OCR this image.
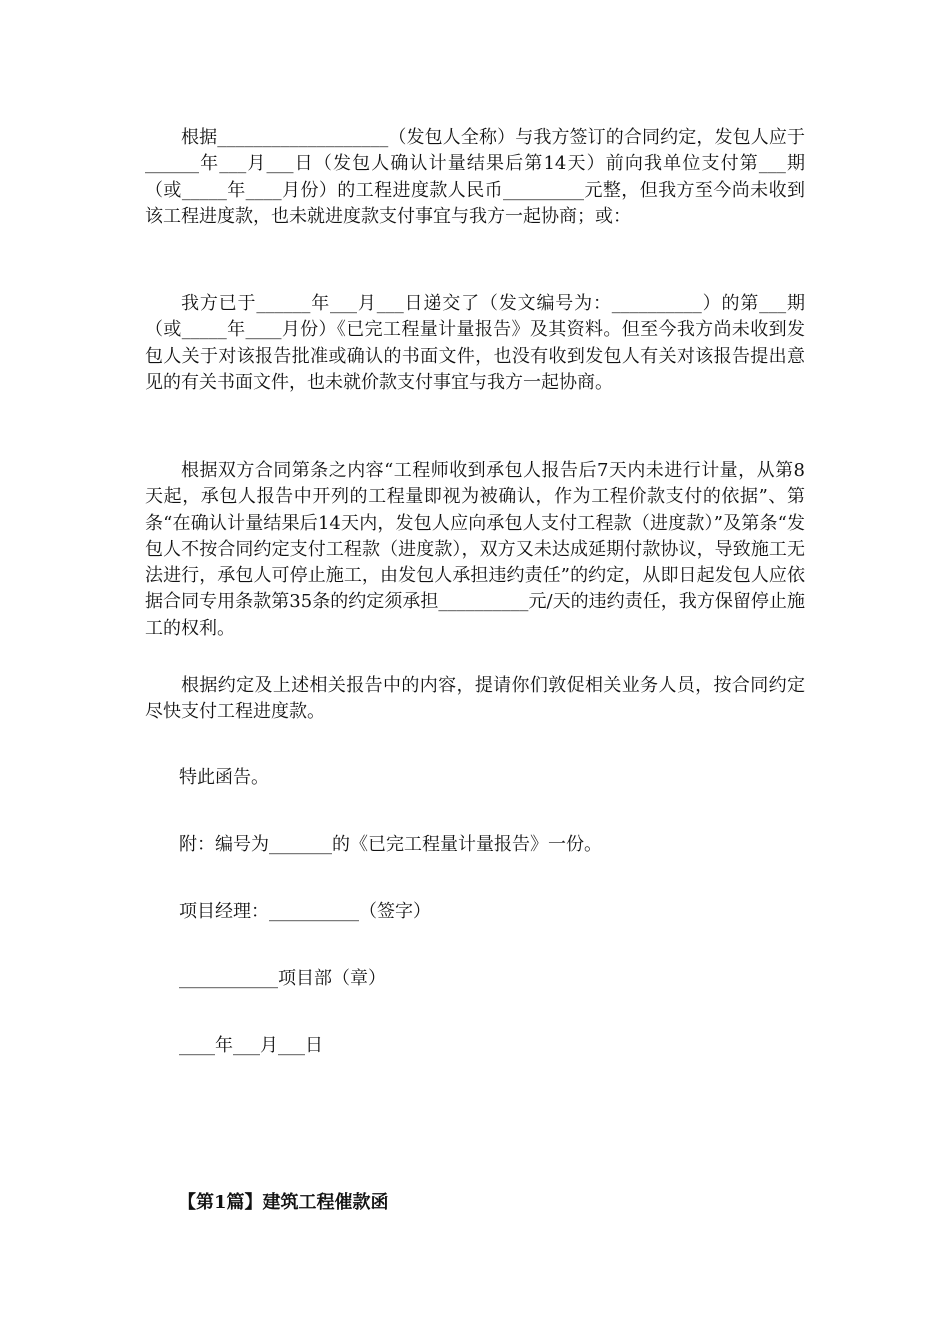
根据___________________（发包人全称）与我方签订的合同约定，发包人应于______年___月___日（发包人确认计量结果后第14天）前向我单位支付第___期（或_____年____月份）的工程进度款人民币_________元整，但我方至今尚未收到该工程进度款，也未就进度款支付事宜与我方一起协商；或：

我方已于______年___月___日递交了（发文编号为：__________）的第___期（或_____年____月份）《已完工程量计量报告》及其资料。但至今我方尚未收到发包人关于对该报告批准或确认的书面文件，也没有收到发包人有关对该报告提出意见的有关书面文件，也未就价款支付事宜与我方一起协商。

根据双方合同第条之内容“工程师收到承包人报告后7天内未进行计量，从第8天起，承包人报告中开列的工程量即视为被确认，作为工程价款支付的依据”、第条“在确认计量结果后14天内，发包人应向承包人支付工程款（进度款）”及第条“发包人不按合同约定支付工程款（进度款），双方又未达成延期付款协议，导致施工无法进行，承包人可停止施工，由发包人承担违约责任”的约定，从即日起发包人应依据合同专用条款第35条的约定须承担__________元/天的违约责任，我方保留停止施工的权利。

根据约定及上述相关报告中的内容，提请你们敦促相关业务人员，按合同约定尽快支付工程进度款。

特此函告。

附：编号为_______的《已完工程量计量报告》一份。

项目经理：__________（签字）

___________项目部（章）

____年___月___日

【第1篇】建筑工程催款函
